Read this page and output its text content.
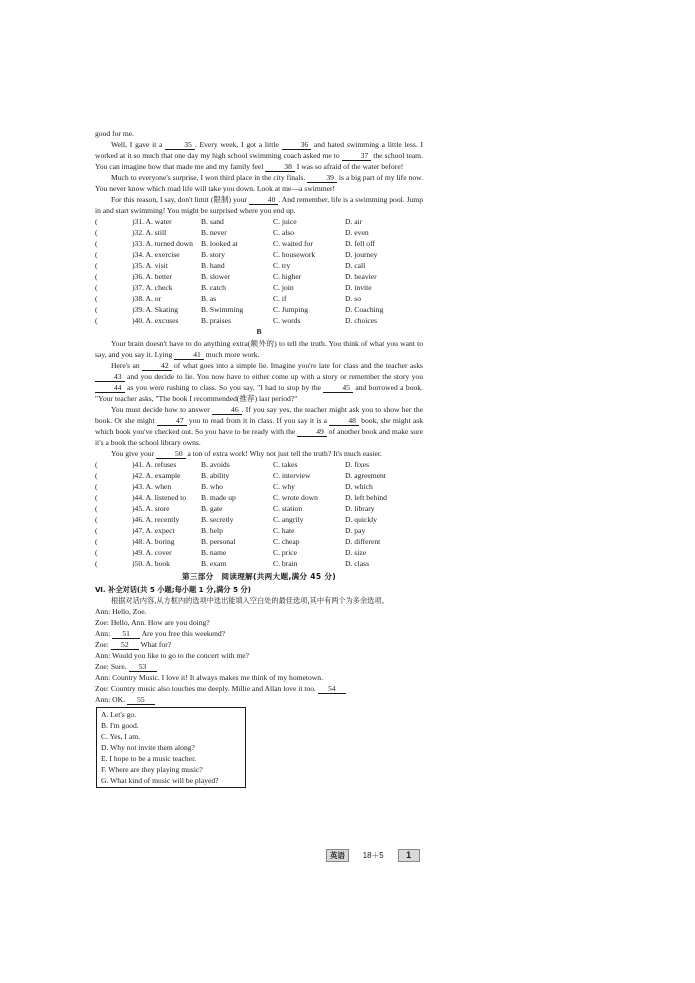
good for me.

Well, I gave it a	35 . Every week, I got a little	36 and hated swimming a little less. I worked at it so much that one day my high school swimming coach asked me to	37 the school team. You can imagine how that made me and my family feel	38 I was so afraid of the water before!

Much to everyone's surprise, I won third place in the city finals.	39 is a big part of my life now. You never know which road life will take you down. Look at me—a swimmer!

For this reason, I say, don't limit (限制) your	40 . And remember, life is a swimming pool. Jump in and start swimming! You might be surprised where you end up.

(	)31. A. water	B. sand	C. juice	D. air
(	)32. A. still	B. never	C. also	D. even
(	)33. A. turned down	B. looked at	C. waited for	D. fell off
(	)34. A. exercise	B. story	C. housework	D. journey
(	)35. A. visit	B. hand	C. try	D. call
(	)36. A. better	B. slower	C. higher	D. heavier
(	)37. A. check	B. catch	C. join	D. invite
(	)38. A. or	B. as	C. if	D. so
(	)39. A. Skating	B. Swimming	C. Jumping	D. Coaching
(	)40. A. excuses	B. praises	C. words	D. choices
B

Your brain doesn't have to do anything extra(额外的) to tell the truth. You think of what you want to say, and you say it. Lying	41 much more work.

Here's an	42 of what goes into a simple lie. Imagine you're late for class and the teacher asks 43 and you decide to lie. You now have to either come up with a story or remember the story you 44 as you were rushing to class. So you say, "I had to stop by the	45 and borrowed a book. "Your teacher asks, "The book I recommended(推荐) last period?"

You must decide how to answer	46 . If you say yes, the teacher might ask you to show her the book. Or she might	47 you to read from it in class. If you say it is a	48 book, she might ask which book you've checked out. So you have to be ready with the	49 of another book and make sure it's a book the school library owns.

You give your	50 a ton of extra work! Why not just tell the truth? It's much easier.

(	)41. A. refuses	B. avoids	C. takes	D. fixes
(	)42. A. example	B. ability	C. interview	D. agreement
(	)43. A. when	B. who	C. why	D. which
(	)44. A. listened to	B. made up	C. wrote down	D. left behind
(	)45. A. store	B. gate	C. station	D. library
(	)46. A. recently	B. secretly	C. angrily	D. quickly
(	)47. A. expect	B. help	C. hate	D. pay
(	)48. A. boring	B. personal	C. cheap	D. different
(	)49. A. cover	B. name	C. price	D. size
(	)50. A. book	B. exam	C. brain	D. class
第三部分　阅读理解(共两大题,满分 45 分)
Ⅵ. 补全对话(共 5 小题;每小题 1 分,满分 5 分)

根据对话内容,从方框内的选项中选出能填入空白处的最佳选项,其中有两个为多余选项。

Ann: Hello, Zoe.
Zoe: Hello, Ann. How are you doing?
Ann: 51 Are you free this weekend?
Zoe: 52 What for?
Ann: Would you like to go to the concert with me?
Zoe: Sure. 53
Ann: Country Music. I love it! It always makes me think of my hometown.
Zoe: Country music also touches me deeply. Millie and Allan love it too. 54
Ann: OK. 55
A. Let's go.
B. I'm good.
C. Yes, I am.
D. Why not invite them along?
E. I hope to be a music teacher.
F. Where are they playing music?
G. What kind of music will be played?
英语	18＋5	1
